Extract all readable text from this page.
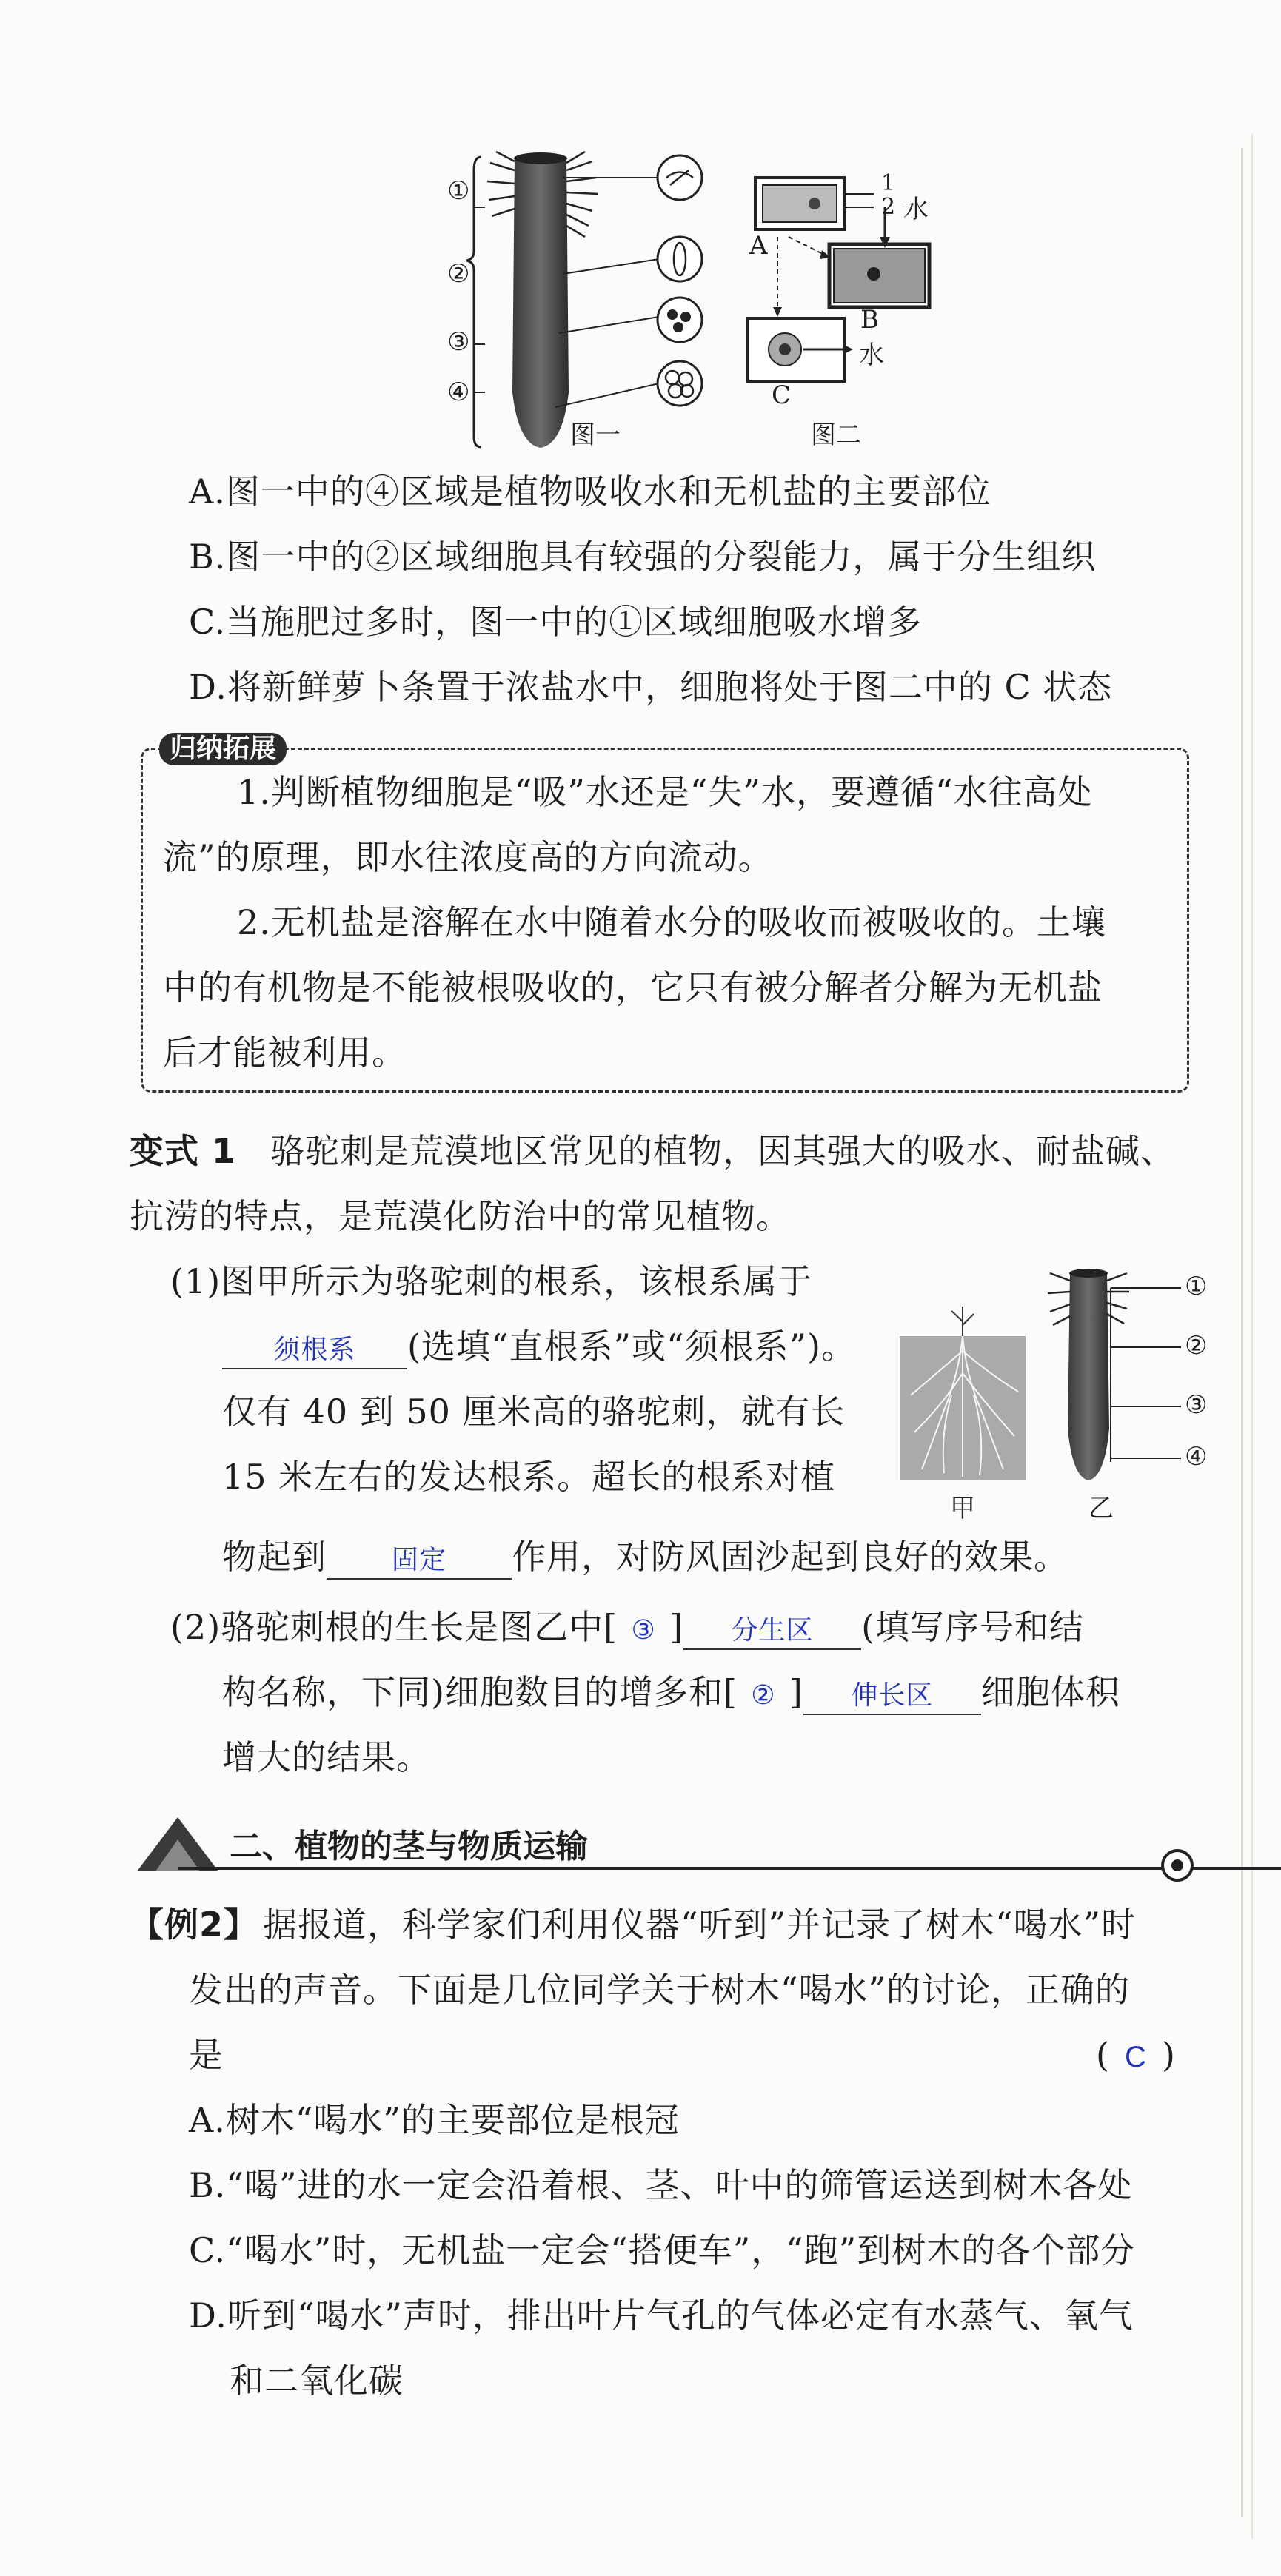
①
②
③
④
图一
1
2 水
A
B
C
水
图二
A.图一中的④区域是植物吸收水和无机盐的主要部位
B.图一中的②区域细胞具有较强的分裂能力，属于分生组织
C.当施肥过多时，图一中的①区域细胞吸水增多
D.将新鲜萝卜条置于浓盐水中，细胞将处于图二中的 C 状态
归纳拓展
1.判断植物细胞是“吸”水还是“失”水，要遵循“水往高处
流”的原理，即水往浓度高的方向流动。
2.无机盐是溶解在水中随着水分的吸收而被吸收的。土壤
中的有机物是不能被根吸收的，它只有被分解者分解为无机盐
后才能被利用。
变式 1 骆驼刺是荒漠地区常见的植物，因其强大的吸水、耐盐碱、
抗涝的特点，是荒漠化防治中的常见植物。
(1)图甲所示为骆驼刺的根系，该根系属于
须根系 (选填“直根系”或“须根系”)。
仅有 40 到 50 厘米高的骆驼刺，就有长
15 米左右的发达根系。超长的根系对植
物起到 固定 作用，对防风固沙起到良好的效果。
甲
①
②
③
④
乙
(2)骆驼刺根的生长是图乙中[ ③ ] 分生区 (填写序号和结
构名称，下同)细胞数目的增多和[ ② ] 伸长区 细胞体积
增大的结果。
二、植物的茎与物质运输
【例2】 据报道，科学家们利用仪器“听到”并记录了树木“喝水”时
发出的声音。下面是几位同学关于树木“喝水”的讨论，正确的
是	( C )
A.树木“喝水”的主要部位是根冠
B.“喝”进的水一定会沿着根、茎、叶中的筛管运送到树木各处
C.“喝水”时，无机盐一定会“搭便车”，“跑”到树木的各个部分
D.听到“喝水”声时，排出叶片气孔的气体必定有水蒸气、氧气
和二氧化碳
